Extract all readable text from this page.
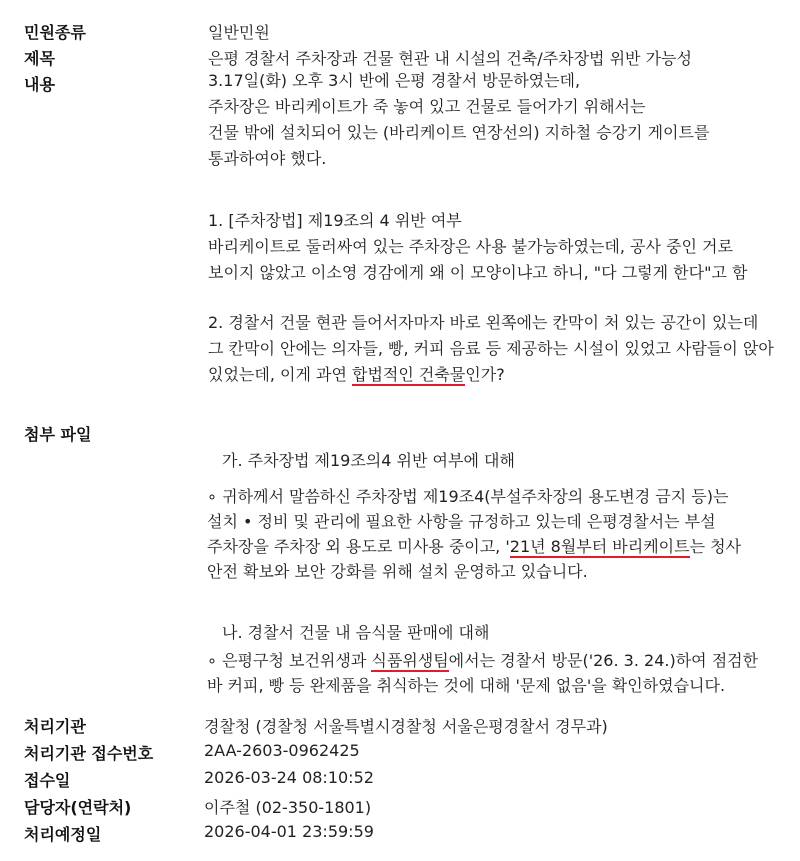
민원종류	일반민원
제목	은평 경찰서 주차장과 건물 현관 내 시설의 건축/주차장법 위반 가능성
내용	3.17일(화) 오후 3시 반에 은평 경찰서 방문하였는데,
주차장은 바리케이트가 죽 놓여 있고 건물로 들어가기 위해서는
건물 밖에 설치되어 있는 (바리케이트 연장선의) 지하철 승강기 게이트를
통과하여야 했다.
1. [주차장법] 제19조의 4 위반 여부
바리케이트로 둘러싸여 있는 주차장은 사용 불가능하였는데, 공사 중인 거로
보이지 않았고 이소영 경감에게 왜 이 모양이냐고 하니, "다 그렇게 한다"고 함
2. 경찰서 건물 현관 들어서자마자 바로 왼쪽에는 칸막이 처 있는 공간이 있는데
그 칸막이 안에는 의자들, 빵, 커피 음료 등 제공하는 시설이 있었고 사람들이 앉아
있었는데, 이게 과연 합법적인 건축물인가?
첨부 파일
가. 주차장법 제19조의4 위반 여부에 대해
∘ 귀하께서 말씀하신 주차장법 제19조4(부설주차장의 용도변경 금지 등)는
설치 • 정비 및 관리에 필요한 사항을 규정하고 있는데 은평경찰서는 부설
주차장을 주차장 외 용도로 미사용 중이고, '21년 8월부터 바리케이트는 청사
안전 확보와 보안 강화를 위해 설치 운영하고 있습니다.
나. 경찰서 건물 내 음식물 판매에 대해
∘ 은평구청 보건위생과 식품위생팀에서는 경찰서 방문('26. 3. 24.)하여 점검한
바 커피, 빵 등 완제품을 취식하는 것에 대해 '문제 없음'을 확인하였습니다.
처리기관	경찰청 (경찰청 서울특별시경찰청 서울은평경찰서 경무과)
처리기관 접수번호	2AA-2603-0962425
접수일	2026-03-24 08:10:52
담당자(연락처)	이주철 (02-350-1801)
처리예정일	2026-04-01 23:59:59
